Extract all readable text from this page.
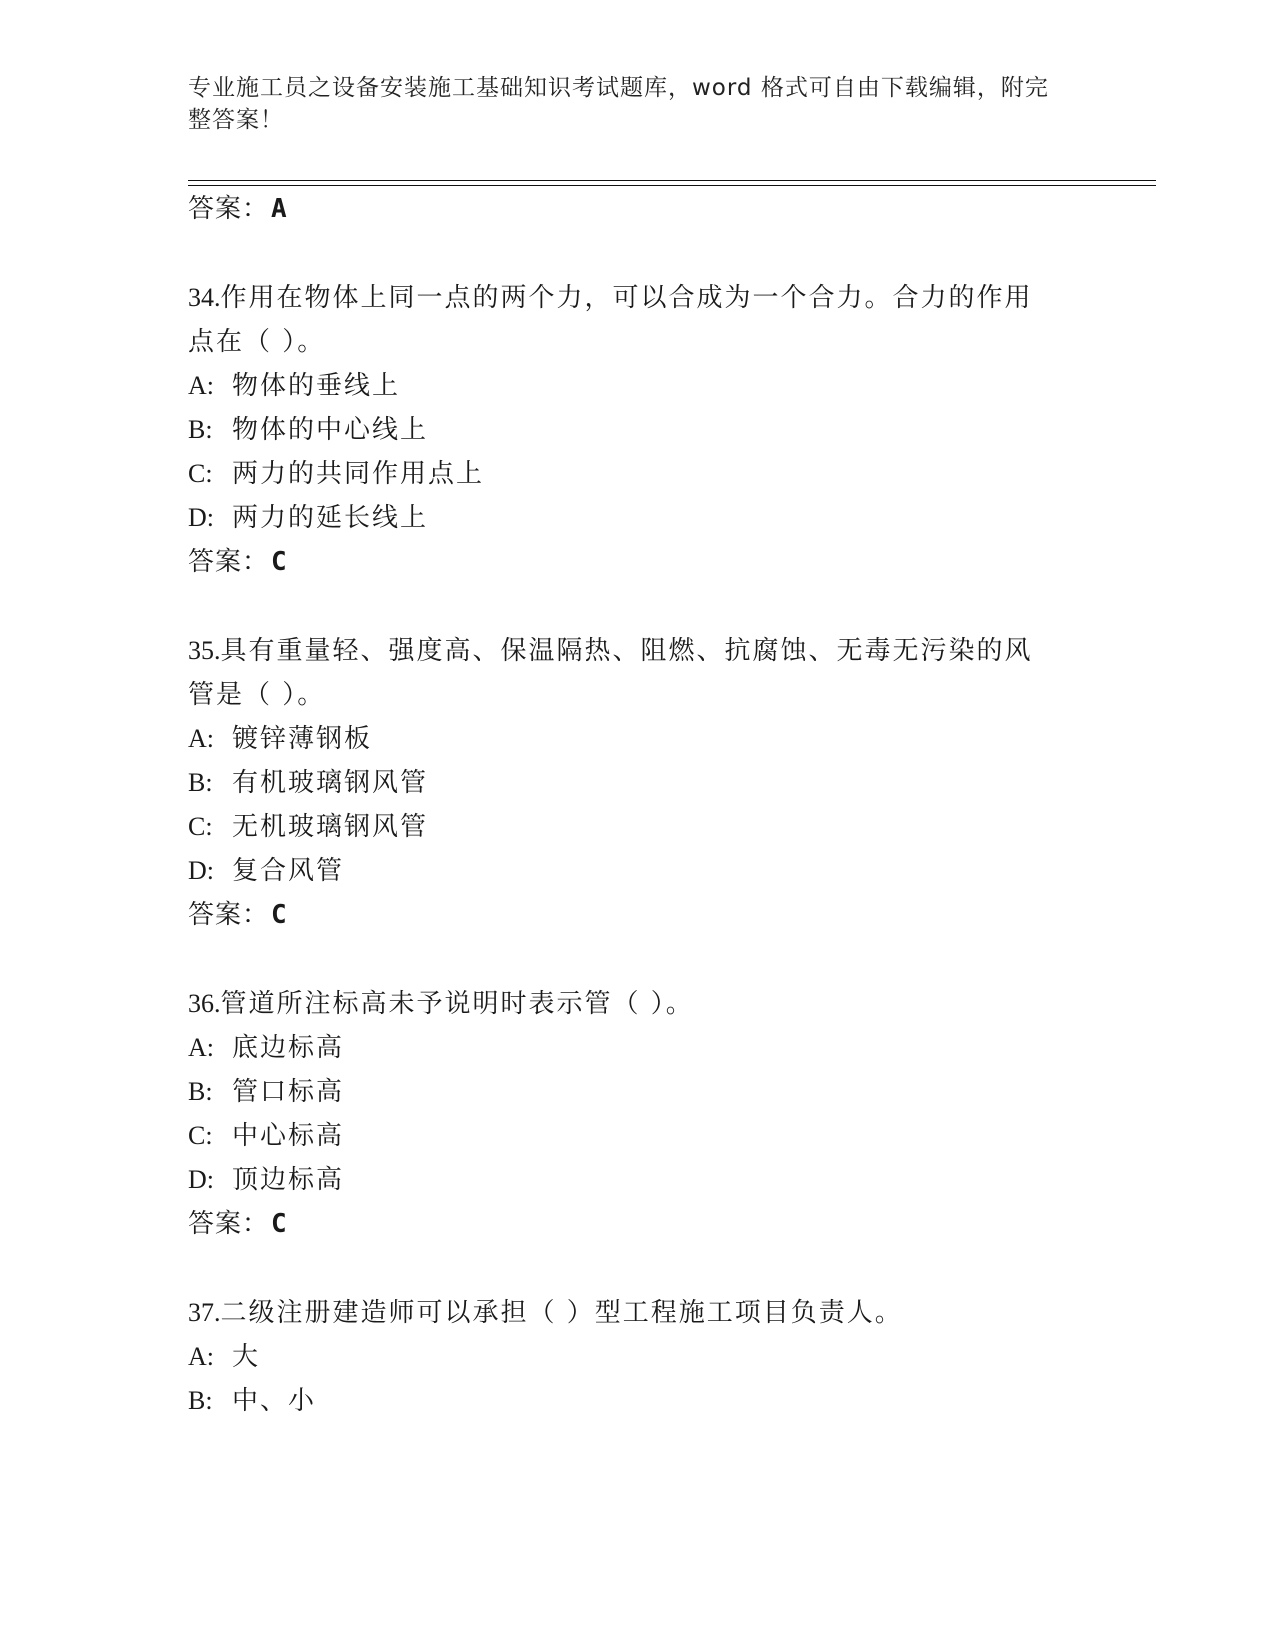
专业施工员之设备安装施工基础知识考试题库，word 格式可自由下载编辑，附完
整答案！
答案：A
34.作用在物体上同一点的两个力，可以合成为一个合力。合力的作用
点在（ ）。
A: 物体的垂线上
B: 物体的中心线上
C: 两力的共同作用点上
D: 两力的延长线上
答案：C
35.具有重量轻、强度高、保温隔热、阻燃、抗腐蚀、无毒无污染的风
管是（ ）。
A: 镀锌薄钢板
B: 有机玻璃钢风管
C: 无机玻璃钢风管
D: 复合风管
答案：C
36.管道所注标高未予说明时表示管（ ）。
A: 底边标高
B: 管口标高
C: 中心标高
D: 顶边标高
答案：C
37.二级注册建造师可以承担（ ）型工程施工项目负责人。
A: 大
B: 中、小
